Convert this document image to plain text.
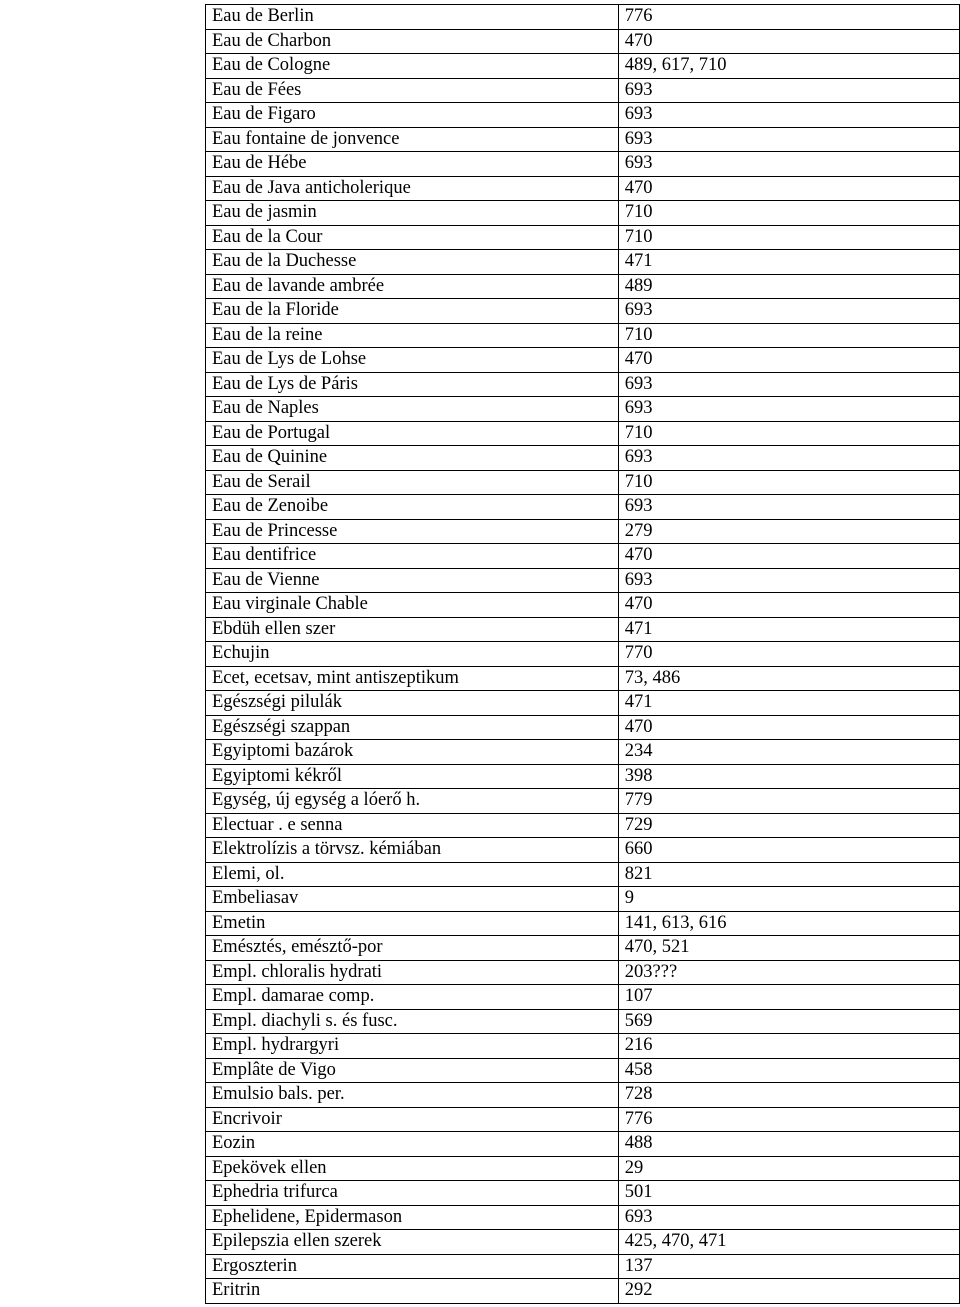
Eau de Berlin	776
Eau de Charbon	470
Eau de Cologne	489, 617, 710
Eau de Fées	693
Eau de Figaro	693
Eau fontaine de jonvence	693
Eau de Hébe	693
Eau de Java anticholerique	470
Eau de jasmin	710
Eau de la Cour	710
Eau de la Duchesse	471
Eau de lavande ambrée	489
Eau de la Floride	693
Eau de la reine	710
Eau de Lys de Lohse	470
Eau de Lys de Páris	693
Eau de Naples	693
Eau de Portugal	710
Eau de Quinine	693
Eau de Serail	710
Eau de Zenoibe	693
Eau de Princesse	279
Eau dentifrice	470
Eau de Vienne	693
Eau virginale Chable	470
Ebdüh ellen szer	471
Echujin	770
Ecet, ecetsav, mint antiszeptikum	73, 486
Egészségi pilulák	471
Egészségi szappan	470
Egyiptomi bazárok	234
Egyiptomi kékről	398
Egység, új egység a lóerő h.	779
Electuar . e senna	729
Elektrolízis a törvsz. kémiában	660
Elemi, ol.	821
Embeliasav	9
Emetin	141, 613, 616
Emésztés, emésztő-por	470, 521
Empl. chloralis hydrati	203???
Empl. damarae comp.	107
Empl. diachyli s. és fusc.	569
Empl. hydrargyri	216
Emplâte de Vigo	458
Emulsio bals. per.	728
Encrivoir	776
Eozin	488
Epekövek ellen	29
Ephedria trifurca	501
Ephelidene, Epidermason	693
Epilepszia ellen szerek	425, 470, 471
Ergoszterin	137
Eritrin	292
